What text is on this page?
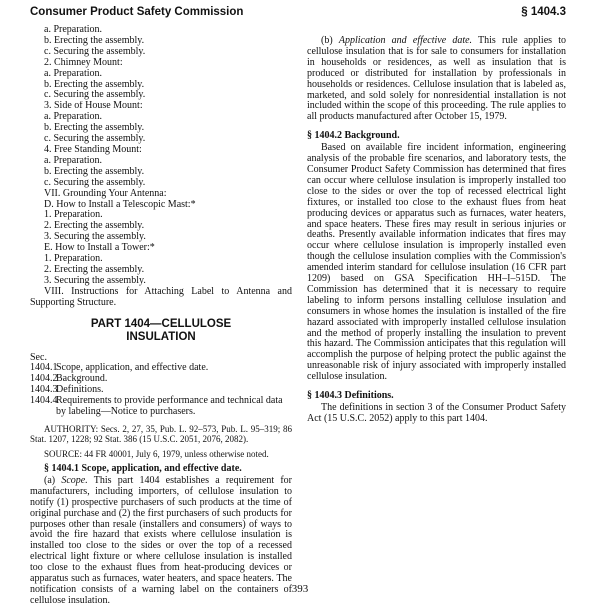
Consumer Product Safety Commission	§ 1404.3
a. Preparation.
b. Erecting the assembly.
c. Securing the assembly.
2. Chimney Mount:
a. Preparation.
b. Erecting the assembly.
c. Securing the assembly.
3. Side of House Mount:
a. Preparation.
b. Erecting the assembly.
c. Securing the assembly.
4. Free Standing Mount:
a. Preparation.
b. Erecting the assembly.
c. Securing the assembly.
VII. Grounding Your Antenna:
D. How to Install a Telescopic Mast:*
1. Preparation.
2. Erecting the assembly.
3. Securing the assembly.
E. How to Install a Tower:*
1. Preparation.
2. Erecting the assembly.
3. Securing the assembly.
VIII. Instructions for Attaching Label to Antenna and Supporting Structure.
PART 1404—CELLULOSE
INSULATION
Sec.
1404.1
Scope, application, and effective date.
1404.2
Background.
1404.3
Definitions.
1404.4
Requirements to provide performance and technical data by labeling—Notice to purchasers.

AUTHORITY: Secs. 2, 27, 35, Pub. L. 92–573, Pub. L. 95–319; 86 Stat. 1207, 1228; 92 Stat. 386 (15 U.S.C. 2051, 2076, 2082).

SOURCE: 44 FR 40001, July 6, 1979, unless otherwise noted.

§ 1404.1 Scope, application, and effective date.

(a) Scope. This part 1404 establishes a requirement for manufacturers, including importers, of cellulose insulation to notify (1) prospective purchasers of such products at the time of original purchase and (2) the first purchasers of such products for purposes other than resale (installers and consumers) of ways to avoid the fire hazard that exists where cellulose insulation is installed too close to the sides or over the top of a recessed electrical light fixture or where cellulose insulation is installed too close to the exhaust flues from heat-producing devices or apparatus such as furnaces, water heaters, and space heaters. The notification consists of a warning label on the containers of cellulose insulation.

(b) Application and effective date. This rule applies to cellulose insulation that is for sale to consumers for installation in households or residences, as well as insulation that is produced or distributed for installation by professionals in households or residences. Cellulose insulation that is labeled as, marketed, and sold solely for nonresidential installation is not included within the scope of this proceeding. The rule applies to all products manufactured after October 15, 1979.

§ 1404.2 Background.

Based on available fire incident information, engineering analysis of the probable fire scenarios, and laboratory tests, the Consumer Product Safety Commission has determined that fires can occur where cellulose insulation is improperly installed too close to the sides or over the top of recessed electrical light fixtures, or installed too close to the exhaust flues from heat producing devices or apparatus such as furnaces, water heaters, and space heaters. These fires may result in serious injuries or deaths. Presently available information indicates that fires may occur where cellulose insulation is improperly installed even though the cellulose insulation complies with the Commission's amended interim standard for cellulose insulation (16 CFR part 1209) based on GSA Specification HH–I–515D. The Commission has determined that it is necessary to require labeling to inform persons installing cellulose insulation and consumers in whose homes the insulation is installed of the fire hazard associated with improperly installed cellulose insulation and the method of properly installing the insulation to prevent this hazard. The Commission anticipates that this regulation will accomplish the purpose of helping protect the public against the unreasonable risk of injury associated with improperly installed cellulose insulation.

§ 1404.3 Definitions.

The definitions in section 3 of the Consumer Product Safety Act (15 U.S.C. 2052) apply to this part 1404.

393
